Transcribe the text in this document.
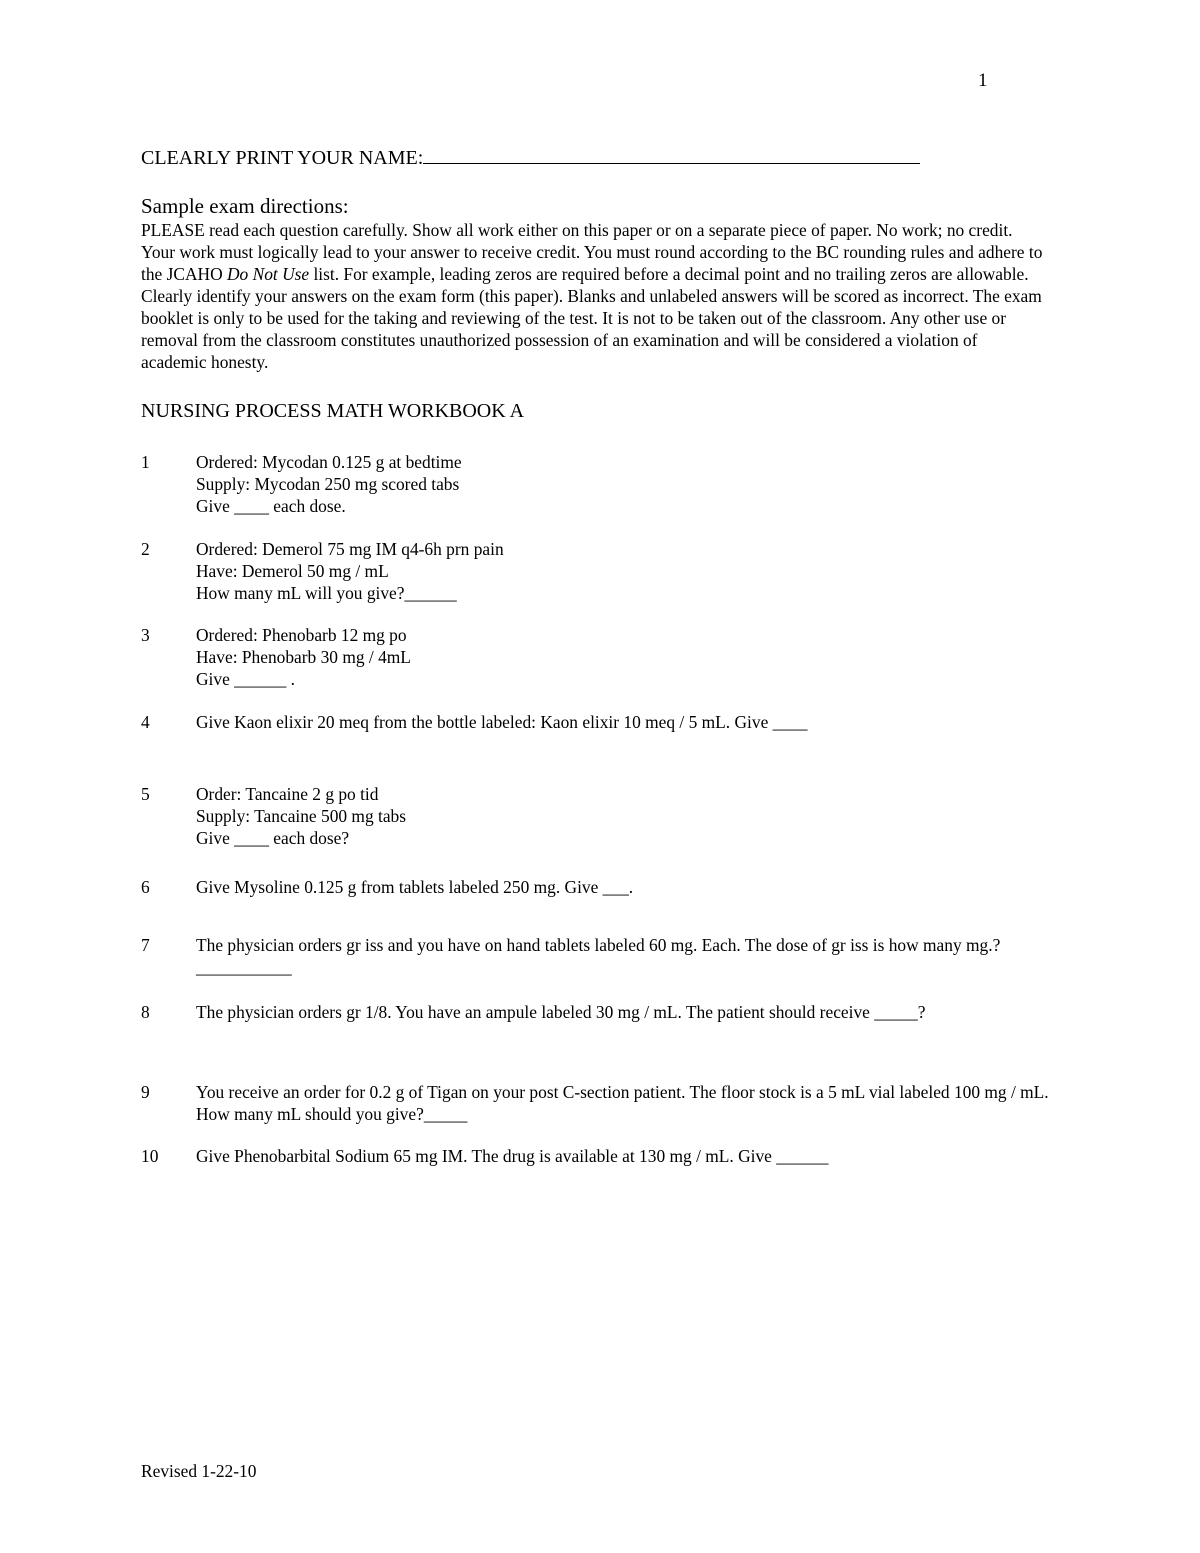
1
CLEARLY PRINT YOUR NAME:
Sample exam directions:
PLEASE read each question carefully. Show all work either on this paper or on a separate piece of paper. No work; no credit. Your work must logically lead to your answer to receive credit. You must round according to the BC rounding rules and adhere to the JCAHO Do Not Use list. For example, leading zeros are required before a decimal point and no trailing zeros are allowable. Clearly identify your answers on the exam form (this paper). Blanks and unlabeled answers will be scored as incorrect. The exam booklet is only to be used for the taking and reviewing of the test. It is not to be taken out of the classroom. Any other use or removal from the classroom constitutes unauthorized possession of an examination and will be considered a violation of academic honesty.
NURSING PROCESS MATH WORKBOOK A
1	Ordered: Mycodan 0.125 g at bedtime
Supply: Mycodan 250 mg scored tabs
Give ____ each dose.
2	Ordered: Demerol 75 mg IM q4-6h prn pain
Have: Demerol 50 mg / mL
How many mL will you give?______
3	Ordered: Phenobarb 12 mg po
Have: Phenobarb 30 mg / 4mL
Give ______ .
4	Give Kaon elixir 20 meq from the bottle labeled: Kaon elixir 10 meq / 5 mL. Give ____
5	Order: Tancaine 2 g po tid
Supply: Tancaine 500 mg tabs
Give ____ each dose?
6	Give Mysoline 0.125 g from tablets labeled 250 mg. Give ___.
7	The physician orders gr iss and you have on hand tablets labeled 60 mg. Each. The dose of gr iss is how many mg.? ___________
8	The physician orders gr 1/8. You have an ampule labeled 30 mg / mL. The patient should receive _____?
9	You receive an order for 0.2 g of Tigan on your post C-section patient. The floor stock is a 5 mL vial labeled 100 mg / mL. How many mL should you give?_____
10	Give Phenobarbital Sodium 65 mg IM. The drug is available at 130 mg / mL. Give ______
Revised 1-22-10
